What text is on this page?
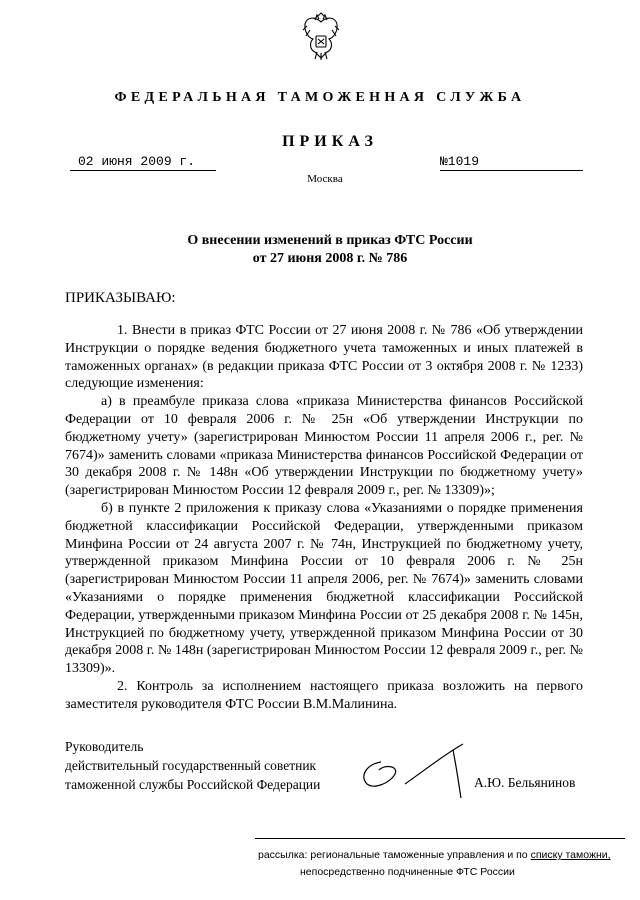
ФЕДЕРАЛЬНАЯ ТАМОЖЕННАЯ СЛУЖБА
ПРИКАЗ
02 июня 2009 г.	№1019
Москва
О внесении изменений в приказ ФТС России
от 27 июня 2008 г. № 786
ПРИКАЗЫВАЮ:

1. Внести в приказ ФТС России от 27 июня 2008 г. № 786 «Об утверждении Инструкции о порядке ведения бюджетного учета таможенных и иных платежей в таможенных органах» (в редакции приказа ФТС России от 3 октября 2008 г. № 1233) следующие изменения:

а) в преамбуле приказа слова «приказа Министерства финансов Российской Федерации от 10 февраля 2006 г. № 25н «Об утверждении Инструкции по бюджетному учету» (зарегистрирован Минюстом России 11 апреля 2006 г., рег. № 7674)» заменить словами «приказа Министерства финансов Российской Федерации от 30 декабря 2008 г. № 148н «Об утверждении Инструкции по бюджетному учету» (зарегистрирован Минюстом России 12 февраля 2009 г., рег. № 13309)»;

б) в пункте 2 приложения к приказу слова «Указаниями о порядке применения бюджетной классификации Российской Федерации, утвержденными приказом Минфина России от 24 августа 2007 г. № 74н, Инструкцией по бюджетному учету, утвержденной приказом Минфина России от 10 февраля 2006 г. № 25н (зарегистрирован Минюстом России 11 апреля 2006, рег. № 7674)» заменить словами «Указаниями о порядке применения бюджетной классификации Российской Федерации, утвержденными приказом Минфина России от 25 декабря 2008 г. № 145н, Инструкцией по бюджетному учету, утвержденной приказом Минфина России от 30 декабря 2008 г. № 148н (зарегистрирован Минюстом России 12 февраля 2009 г., рег. № 13309)».

2. Контроль за исполнением настоящего приказа возложить на первого заместителя руководителя ФТС России В.М.Малинина.

Руководитель
действительный государственный советник
таможенной службы Российской Федерации	А.Ю. Бельянинов
рассылка: региональные таможенные управления и по списку таможни,
непосредственно подчиненные ФТС России
